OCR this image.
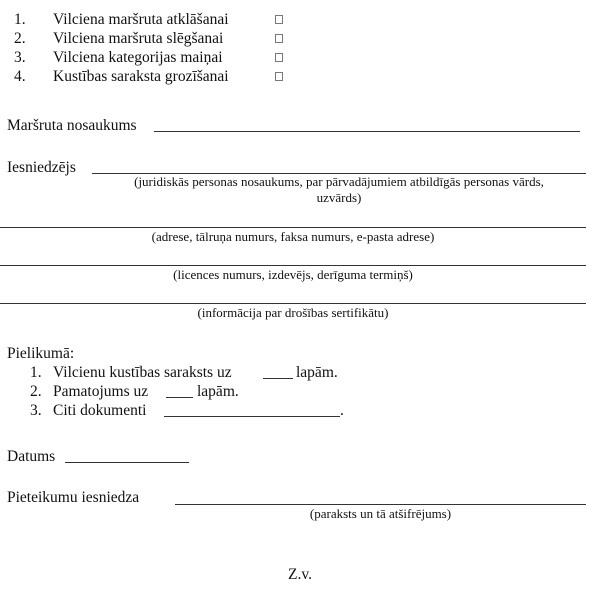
1. Vilciena maršruta atklāšanai
2. Vilciena maršruta slēgšanai
3. Vilciena kategorijas maiņai
4. Kustības saraksta grozīšanai
Maršruta nosaukums
Iesniedzējs
(juridiskās personas nosaukums, par pārvadājumiem atbildīgās personas vārds,
uzvārds)
(adrese, tālruņa numurs, faksa numurs, e-pasta adrese)
(licences numurs, izdevējs, derīguma termiņš)
(informācija par drošības sertifikātu)
Pielikumā:
1. Vilcienu kustības saraksts uz	lapām.
2. Pamatojums uz	lapām.
3. Citi dokumenti	.
Datums
Pieteikumu iesniedza
(paraksts un tā atšifrējums)
Z.v.
